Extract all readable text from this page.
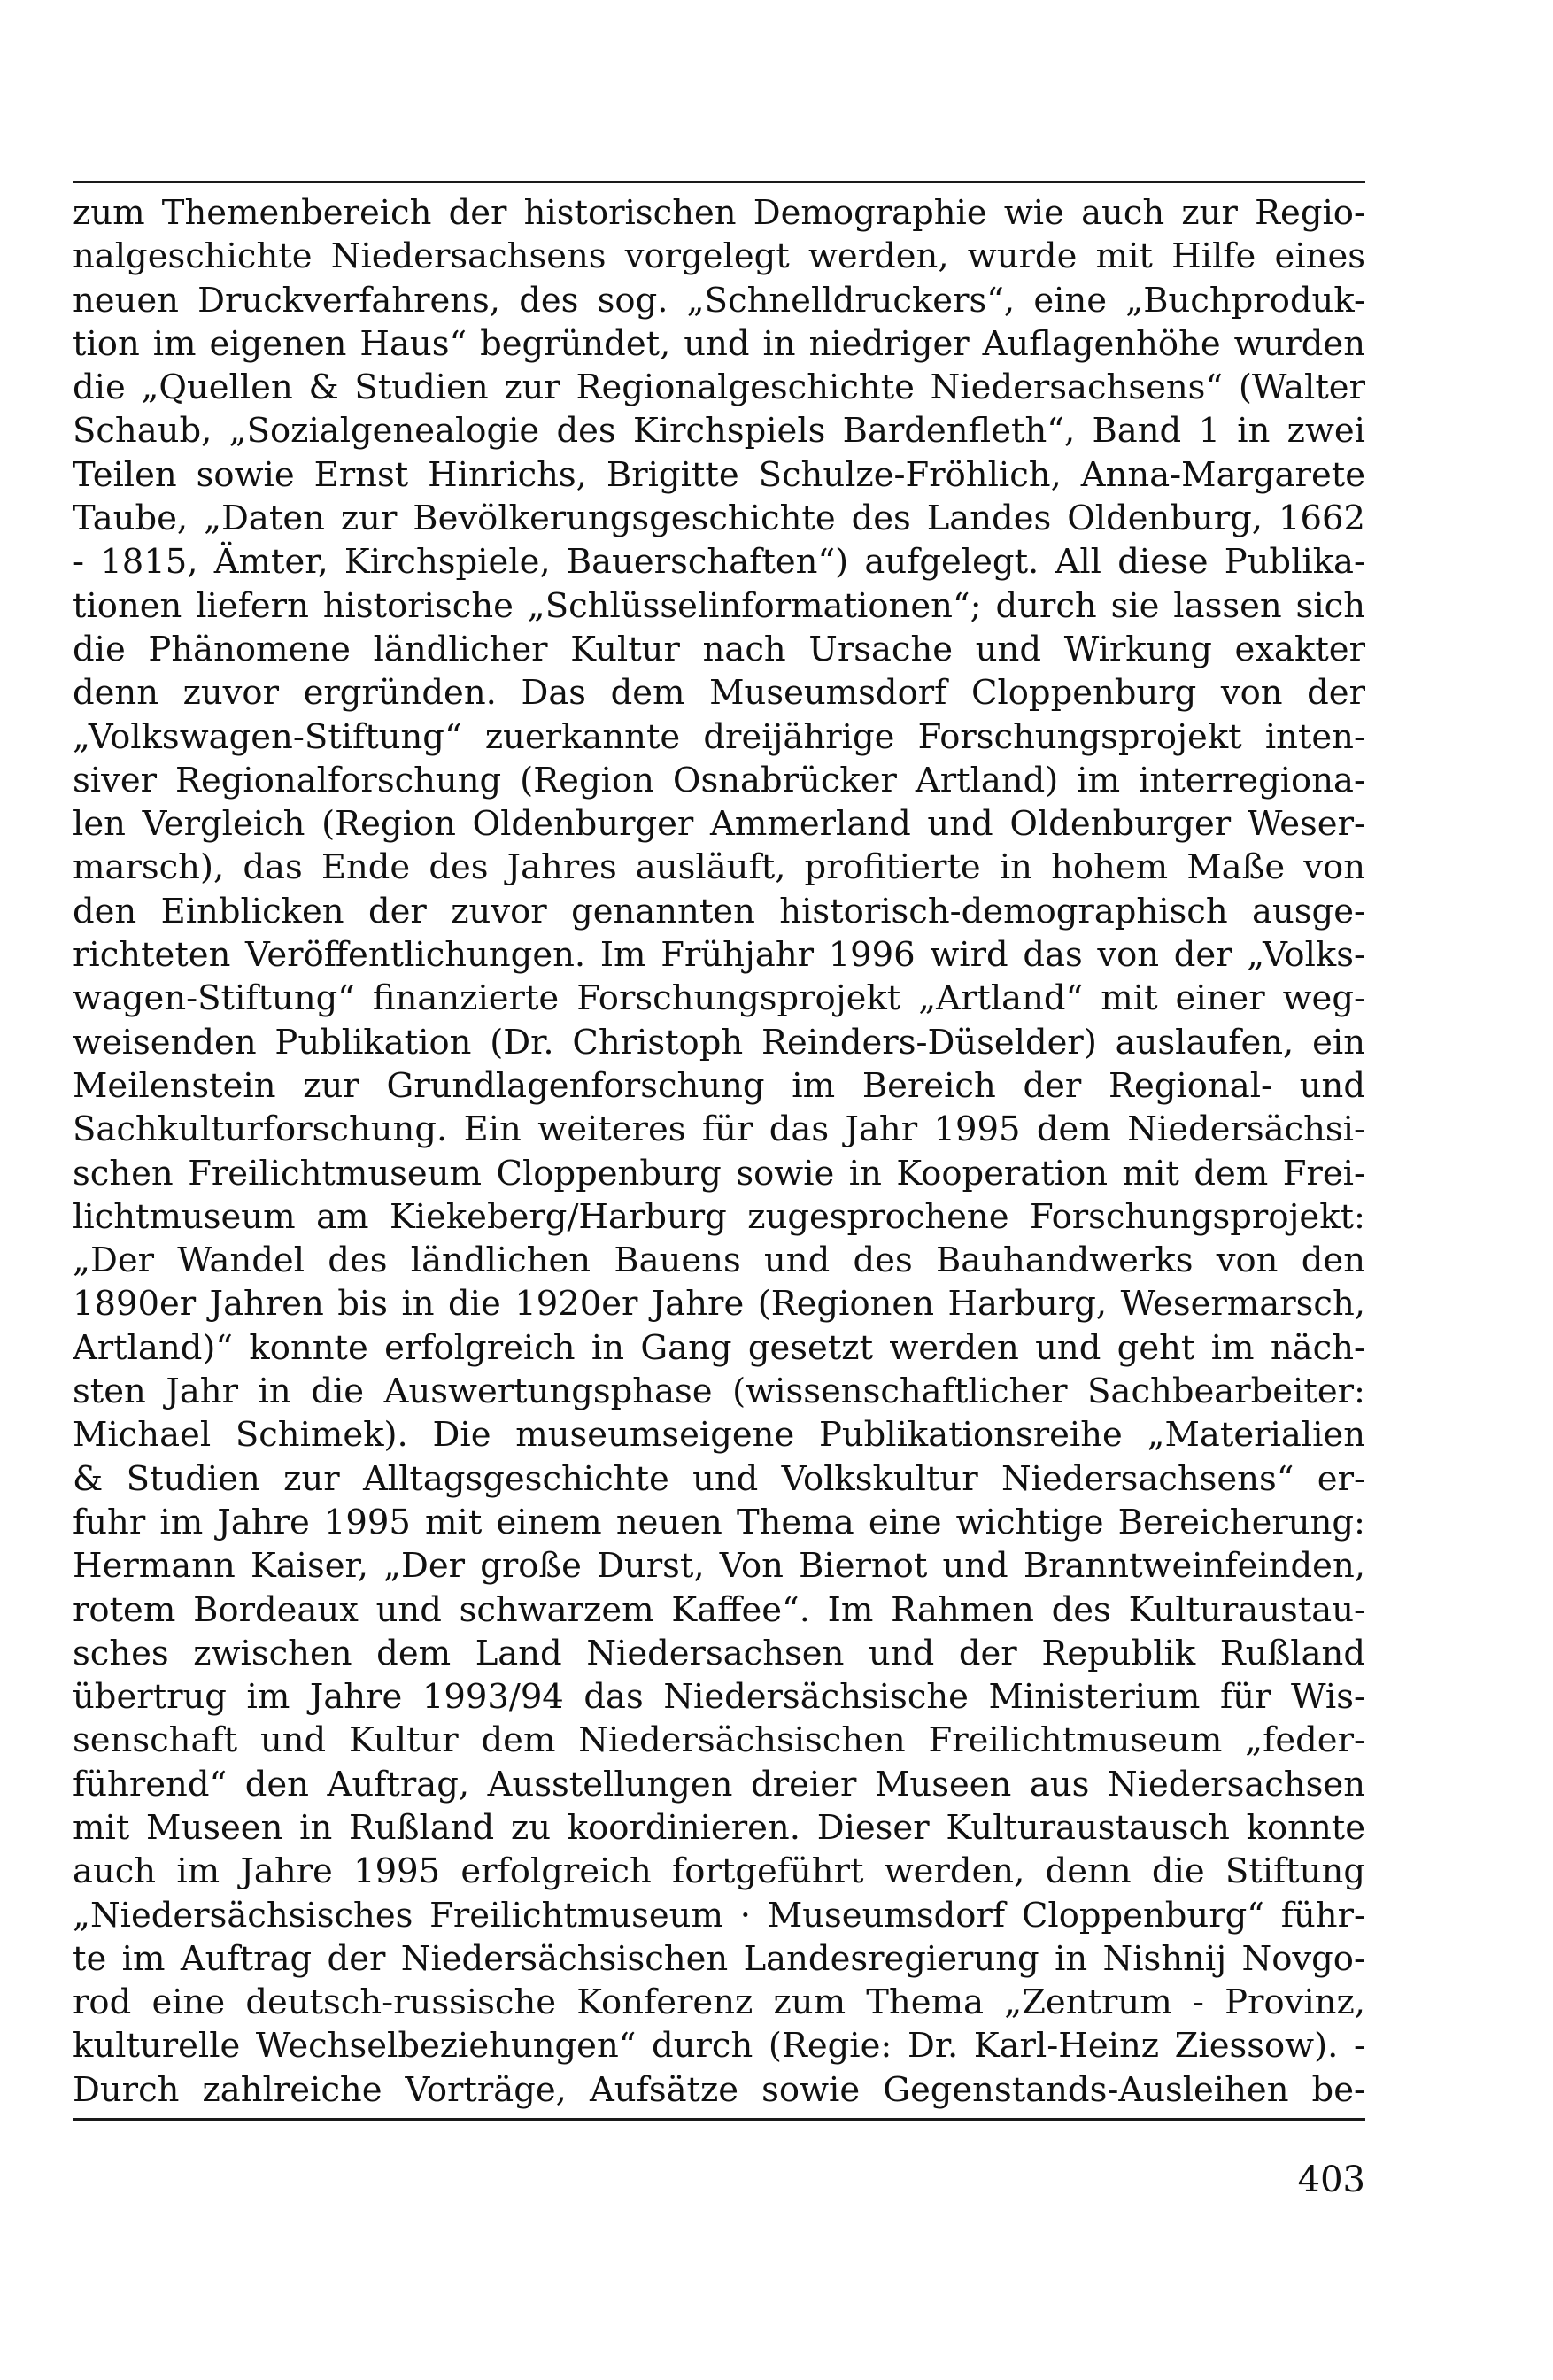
zum Themenbereich der historischen Demographie wie auch zur Regio-
nalgeschichte Niedersachsens vorgelegt werden, wurde mit Hilfe eines
neuen Druckverfahrens, des sog. „Schnelldruckers“, eine „Buchproduk-
tion im eigenen Haus“ begründet, und in niedriger Auflagenhöhe wurden
die „Quellen & Studien zur Regionalgeschichte Niedersachsens“ (Walter
Schaub, „Sozialgenealogie des Kirchspiels Bardenfleth“, Band 1 in zwei
Teilen sowie Ernst Hinrichs, Brigitte Schulze-Fröhlich, Anna-Margarete
Taube, „Daten zur Bevölkerungsgeschichte des Landes Oldenburg, 1662
- 1815, Ämter, Kirchspiele, Bauerschaften“) aufgelegt. All diese Publika-
tionen liefern historische „Schlüsselinformationen“; durch sie lassen sich
die Phänomene ländlicher Kultur nach Ursache und Wirkung exakter
denn zuvor ergründen. Das dem Museumsdorf Cloppenburg von der
„Volkswagen-Stiftung“ zuerkannte dreijährige Forschungsprojekt inten-
siver Regionalforschung (Region Osnabrücker Artland) im interregiona-
len Vergleich (Region Oldenburger Ammerland und Oldenburger Weser-
marsch), das Ende des Jahres ausläuft, profitierte in hohem Maße von
den Einblicken der zuvor genannten historisch-demographisch ausge-
richteten Veröffentlichungen. Im Frühjahr 1996 wird das von der „Volks-
wagen-Stiftung“ finanzierte Forschungsprojekt „Artland“ mit einer weg-
weisenden Publikation (Dr. Christoph Reinders-Düselder) auslaufen, ein
Meilenstein zur Grundlagenforschung im Bereich der Regional- und
Sachkulturforschung. Ein weiteres für das Jahr 1995 dem Niedersächsi-
schen Freilichtmuseum Cloppenburg sowie in Kooperation mit dem Frei-
lichtmuseum am Kiekeberg/Harburg zugesprochene Forschungsprojekt:
„Der Wandel des ländlichen Bauens und des Bauhandwerks von den
1890er Jahren bis in die 1920er Jahre (Regionen Harburg, Wesermarsch,
Artland)“ konnte erfolgreich in Gang gesetzt werden und geht im näch-
sten Jahr in die Auswertungsphase (wissenschaftlicher Sachbearbeiter:
Michael Schimek). Die museumseigene Publikationsreihe „Materialien
& Studien zur Alltagsgeschichte und Volkskultur Niedersachsens“ er-
fuhr im Jahre 1995 mit einem neuen Thema eine wichtige Bereicherung:
Hermann Kaiser, „Der große Durst, Von Biernot und Branntweinfeinden,
rotem Bordeaux und schwarzem Kaffee“. Im Rahmen des Kulturaustau-
sches zwischen dem Land Niedersachsen und der Republik Rußland
übertrug im Jahre 1993/94 das Niedersächsische Ministerium für Wis-
senschaft und Kultur dem Niedersächsischen Freilichtmuseum „feder-
führend“ den Auftrag, Ausstellungen dreier Museen aus Niedersachsen
mit Museen in Rußland zu koordinieren. Dieser Kulturaustausch konnte
auch im Jahre 1995 erfolgreich fortgeführt werden, denn die Stiftung
„Niedersächsisches Freilichtmuseum · Museumsdorf Cloppenburg“ führ-
te im Auftrag der Niedersächsischen Landesregierung in Nishnij Novgo-
rod eine deutsch-russische Konferenz zum Thema „Zentrum - Provinz,
kulturelle Wechselbeziehungen“ durch (Regie: Dr. Karl-Heinz Ziessow). -
Durch zahlreiche Vorträge, Aufsätze sowie Gegenstands-Ausleihen be-
403
